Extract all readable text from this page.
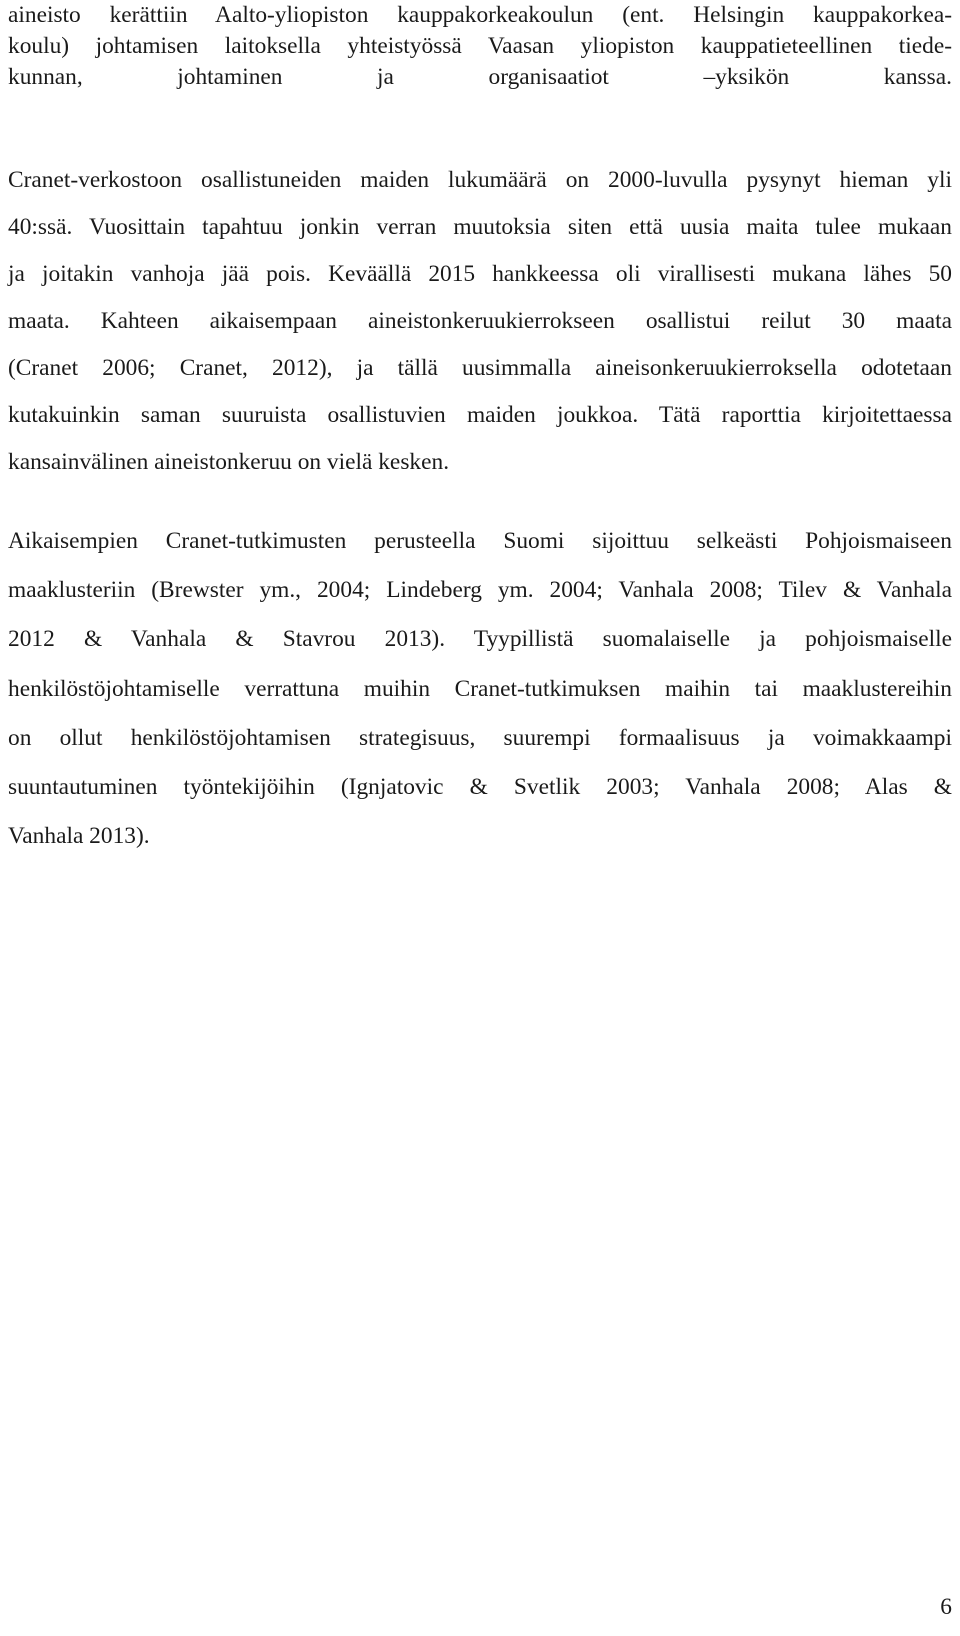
aineisto kerättiin Aalto-yliopiston kauppakorkeakoulun (ent. Helsingin kauppakorkea-
koulu) johtamisen laitoksella yhteistyössä Vaasan yliopiston kauppatieteellinen tiede-
kunnan, johtaminen ja organisaatiot –yksikön kanssa.

Cranet-verkostoon osallistuneiden maiden lukumäärä on 2000-luvulla pysynyt hieman yli
40:ssä. Vuosittain tapahtuu jonkin verran muutoksia siten että uusia maita tulee mukaan
ja joitakin vanhoja jää pois. Keväällä 2015 hankkeessa oli virallisesti mukana lähes 50
maata. Kahteen aikaisempaan aineistonkeruukierrokseen osallistui reilut 30 maata
(Cranet 2006; Cranet, 2012), ja tällä uusimmalla aineisonkeruukierroksella odotetaan
kutakuinkin saman suuruista osallistuvien maiden joukkoa. Tätä raporttia kirjoitettaessa
kansainvälinen aineistonkeruu on vielä kesken.

Aikaisempien Cranet-tutkimusten perusteella Suomi sijoittuu selkeästi Pohjoismaiseen
maaklusteriin (Brewster ym., 2004; Lindeberg ym. 2004; Vanhala 2008; Tilev & Vanhala
2012 & Vanhala & Stavrou 2013). Tyypillistä suomalaiselle ja pohjoismaiselle
henkilöstöjohtamiselle verrattuna muihin Cranet-tutkimuksen maihin tai maaklustereihin
on ollut henkilöstöjohtamisen strategisuus, suurempi formaalisuus ja voimakkaampi
suuntautuminen työntekijöihin (Ignjatovic & Svetlik 2003; Vanhala 2008; Alas &
Vanhala 2013).

6
